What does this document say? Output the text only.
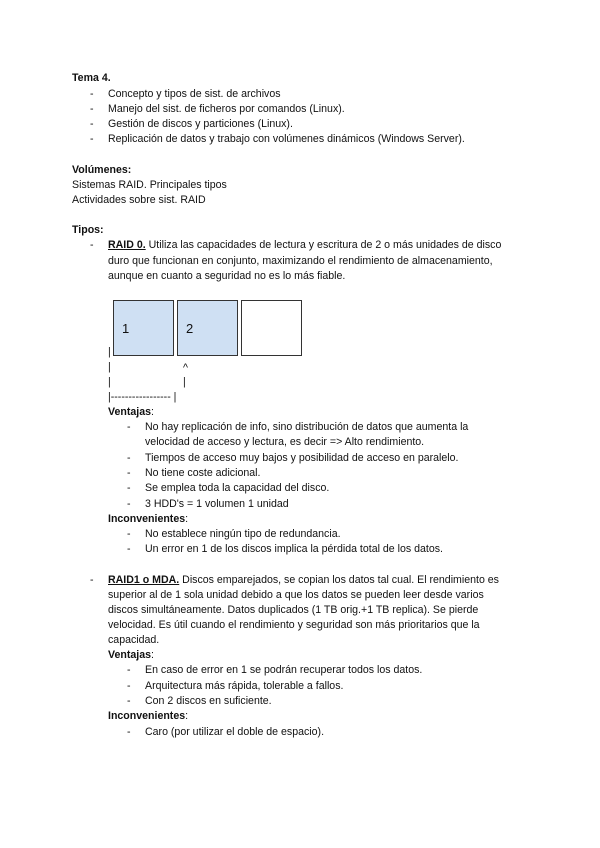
Tema 4.
- Concepto y tipos de sist. de archivos
- Manejo del sist. de ficheros por comandos (Linux).
- Gestión de discos y particiones (Linux).
- Replicación de datos y trabajo con volúmenes dinámicos (Windows Server).
Volúmenes:
Sistemas RAID. Principales tipos
Actividades sobre sist. RAID
Tipos:
- RAID 0. Utiliza las capacidades de lectura y escritura de 2 o más unidades de disco
duro que funcionan en conjunto, maximizando el rendimiento de almacenamiento,
aunque en cuanto a seguridad no es lo más fiable.
1	2
|
|	^
|	|
|----------------- |
Ventajas:
- No hay replicación de info, sino distribución de datos que aumenta la
velocidad de acceso y lectura, es decir => Alto rendimiento.
- Tiempos de acceso muy bajos y posibilidad de acceso en paralelo.
- No tiene coste adicional.
- Se emplea toda la capacidad del disco.
- 3 HDD's = 1 volumen 1 unidad
Inconvenientes:
- No establece ningún tipo de redundancia.
- Un error en 1 de los discos implica la pérdida total de los datos.
- RAID1 o MDA. Discos emparejados, se copian los datos tal cual. El rendimiento es
superior al de 1 sola unidad debido a que los datos se pueden leer desde varios
discos simultáneamente. Datos duplicados (1 TB orig.+1 TB replica). Se pierde
velocidad. Es útil cuando el rendimiento y seguridad son más prioritarios que la
capacidad.
Ventajas:
- En caso de error en 1 se podrán recuperar todos los datos.
- Arquitectura más rápida, tolerable a fallos.
- Con 2 discos en suficiente.
Inconvenientes:
- Caro (por utilizar el doble de espacio).
